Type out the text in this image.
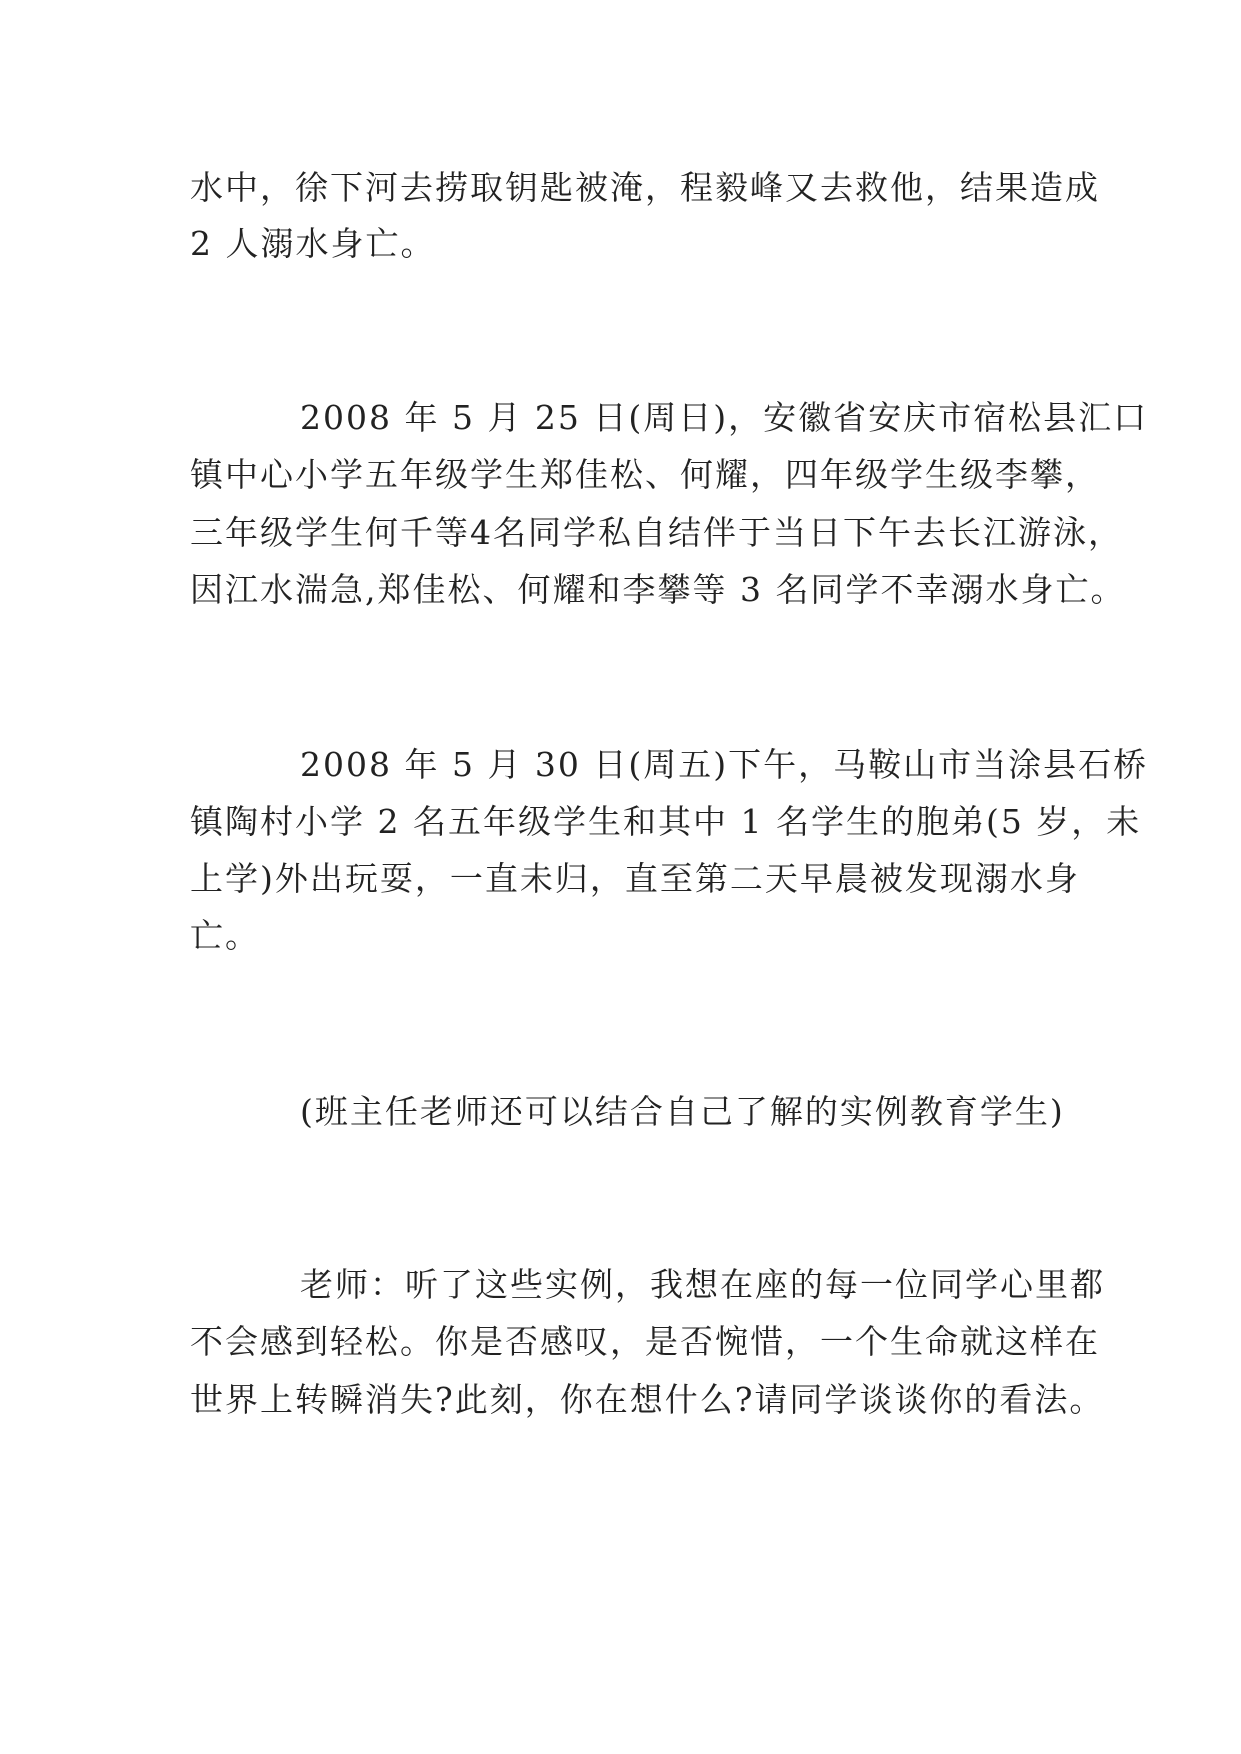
水中，徐下河去捞取钥匙被淹，程毅峰又去救他，结果造成
2 人溺水身亡。
2008 年 5 月 25 日(周日)，安徽省安庆市宿松县汇口
镇中心小学五年级学生郑佳松、何耀，四年级学生级李攀，
三年级学生何千等4名同学私自结伴于当日下午去长江游泳，
因江水湍急,郑佳松、何耀和李攀等 3 名同学不幸溺水身亡。
2008 年 5 月 30 日(周五)下午，马鞍山市当涂县石桥
镇陶村小学 2 名五年级学生和其中 1 名学生的胞弟(5 岁，未
上学)外出玩耍，一直未归，直至第二天早晨被发现溺水身
亡。
(班主任老师还可以结合自己了解的实例教育学生)
老师：听了这些实例，我想在座的每一位同学心里都
不会感到轻松。你是否感叹，是否惋惜，一个生命就这样在
世界上转瞬消失?此刻，你在想什么?请同学谈谈你的看法。
